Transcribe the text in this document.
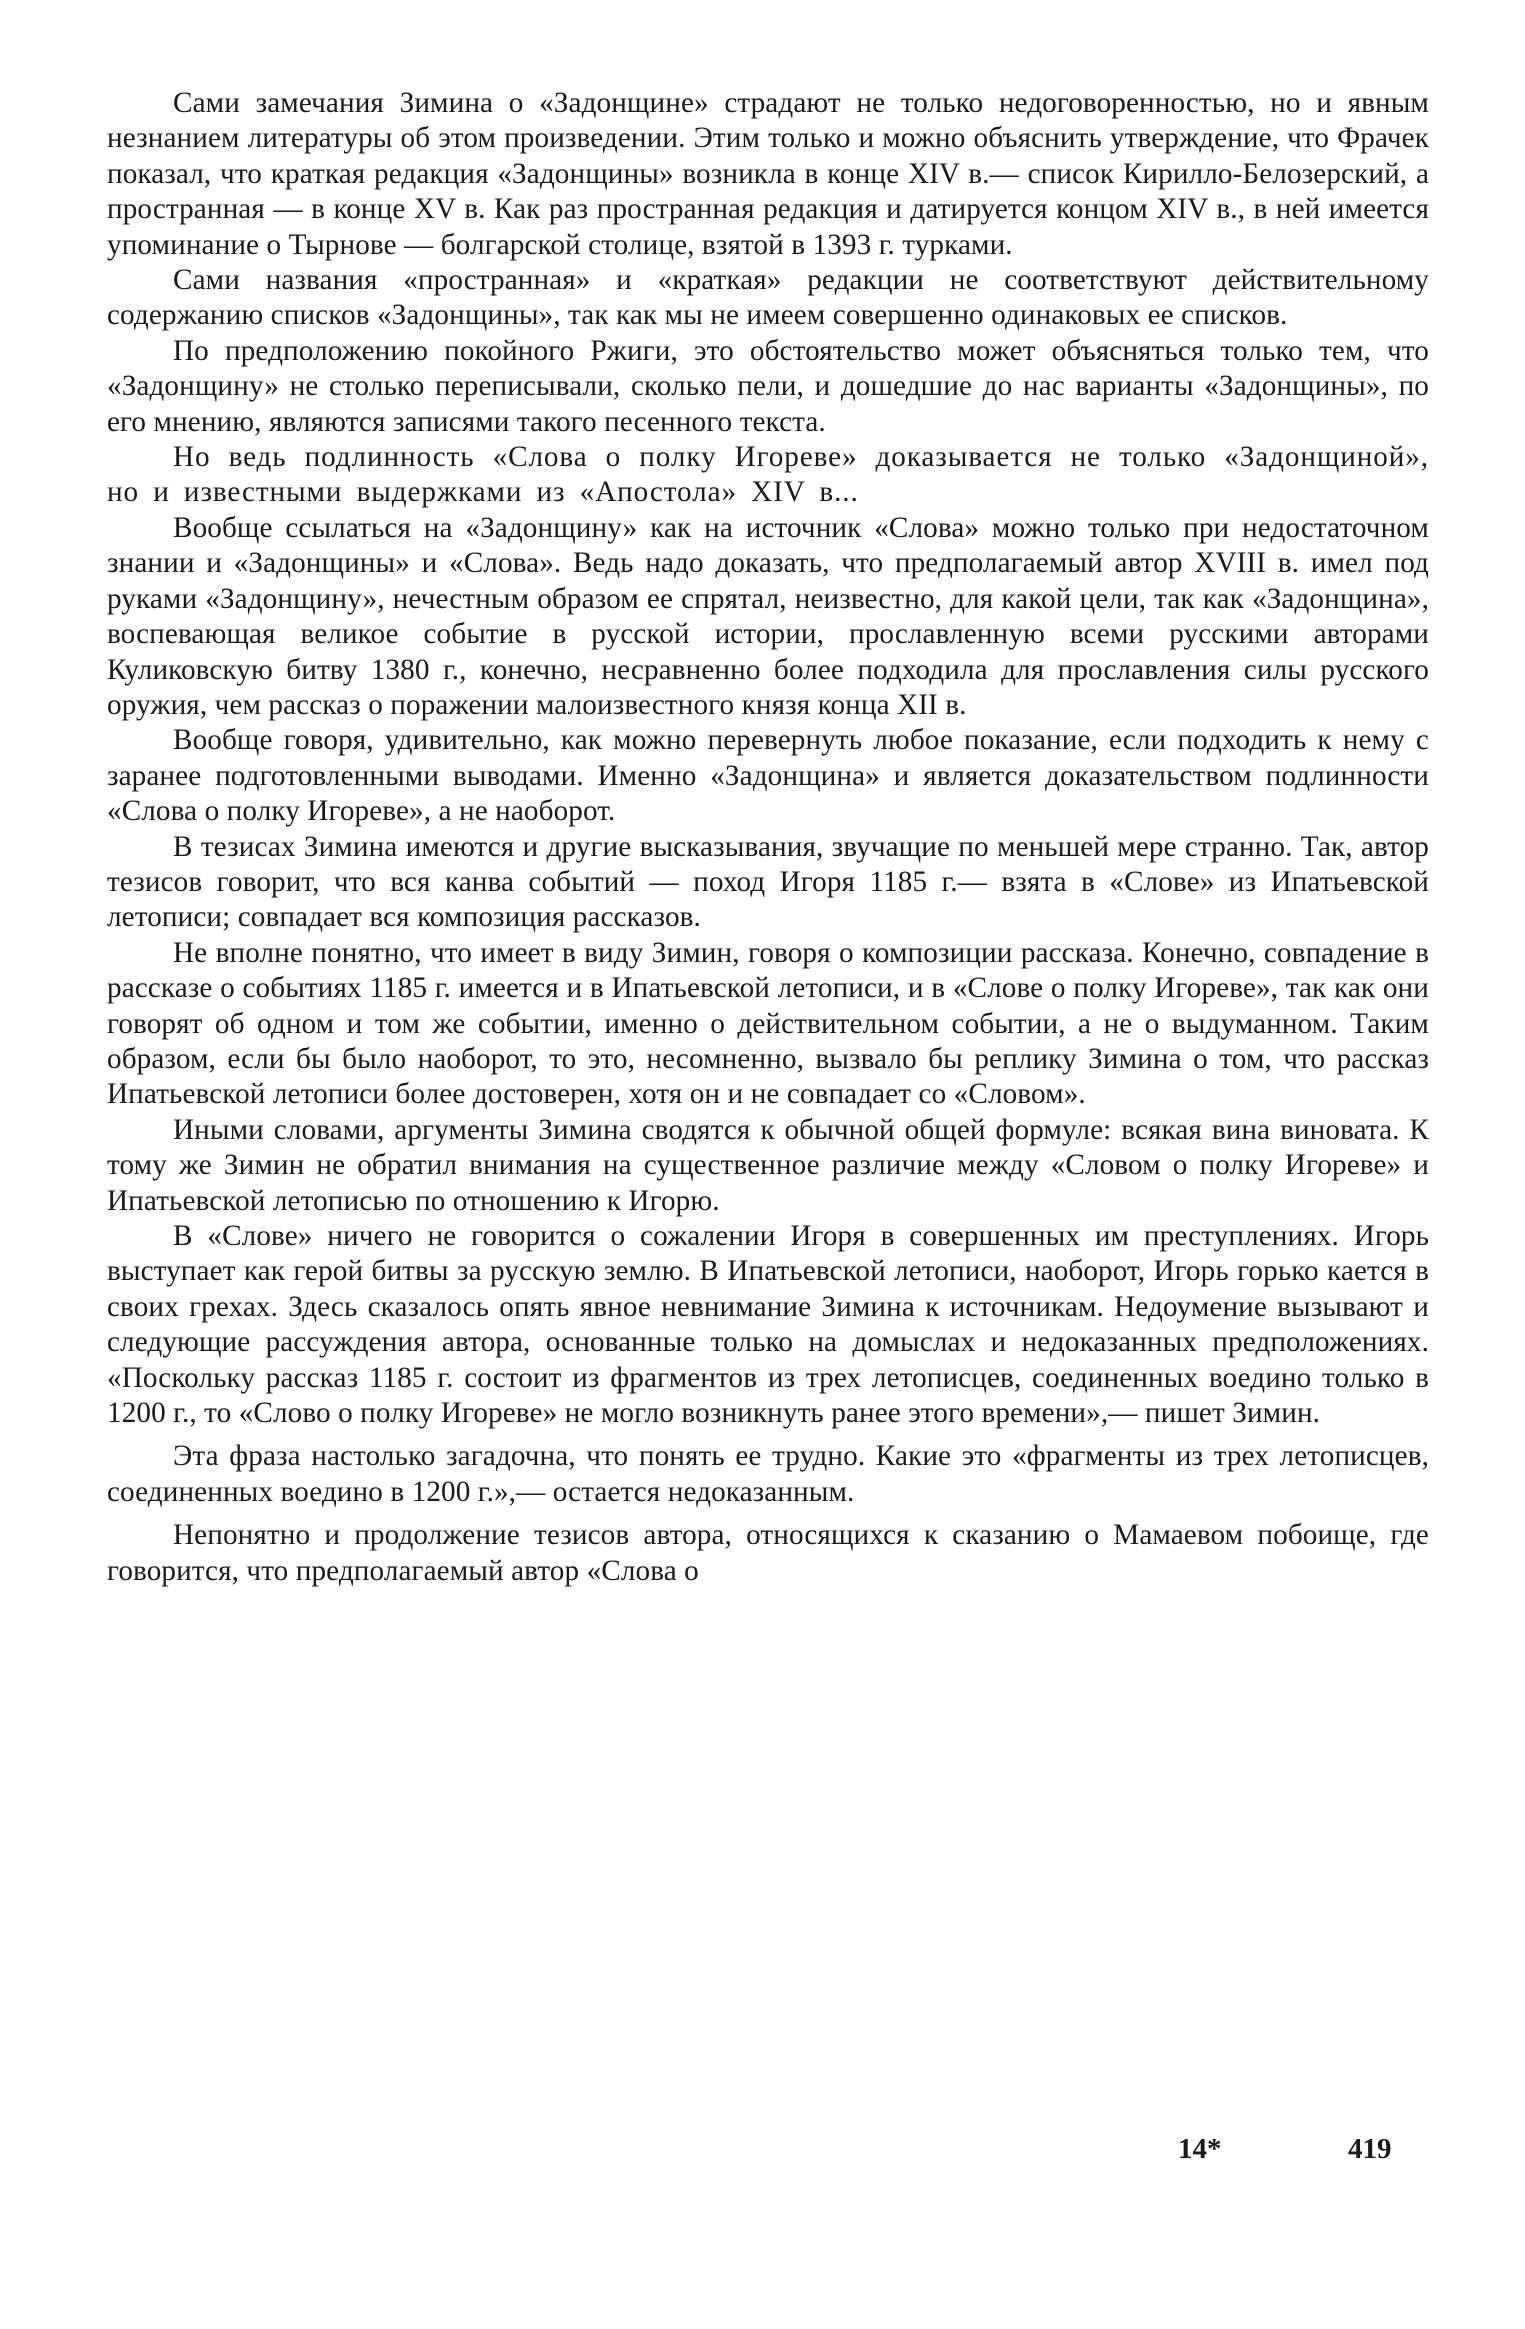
Сами замечания Зимина о «Задонщине» страдают не только недоговоренностью, но и явным незнанием литературы об этом произведении. Этим только и можно объяснить утверждение, что Фрачек показал, что краткая редакция «Задонщины» возникла в конце XIV в.— список Кирилло-Белозерский, а пространная — в конце XV в. Как раз пространная редакция и датируется концом XIV в., в ней имеется упоминание о Тырнове — болгарской столице, взятой в 1393 г. турками.

Сами названия «пространная» и «краткая» редакции не соответствуют действительному содержанию списков «Задонщины», так как мы не имеем совершенно одинаковых ее списков.

По предположению покойного Ржиги, это обстоятельство может объясняться только тем, что «Задонщину» не столько переписывали, сколько пели, и дошедшие до нас варианты «Задонщины», по его мнению, являются записями такого песенного текста.

Но ведь подлинность «Слова о полку Игореве» доказывается не только «Задонщиной», но и известными выдержками из «Апостола» XIV в...

Вообще ссылаться на «Задонщину» как на источник «Слова» можно только при недостаточном знании и «Задонщины» и «Слова». Ведь надо доказать, что предполагаемый автор XVIII в. имел под руками «Задонщину», нечестным образом ее спрятал, неизвестно, для какой цели, так как «Задонщина», воспевающая великое событие в русской истории, прославленную всеми русскими авторами Куликовскую битву 1380 г., конечно, несравненно более подходила для прославления силы русского оружия, чем рассказ о поражении малоизвестного князя конца XII в.

Вообще говоря, удивительно, как можно перевернуть любое показание, если подходить к нему с заранее подготовленными выводами. Именно «Задонщина» и является доказательством подлинности «Слова о полку Игореве», а не наоборот.

В тезисах Зимина имеются и другие высказывания, звучащие по меньшей мере странно. Так, автор тезисов говорит, что вся канва событий — поход Игоря 1185 г.— взята в «Слове» из Ипатьевской летописи; совпадает вся композиция рассказов.

Не вполне понятно, что имеет в виду Зимин, говоря о композиции рассказа. Конечно, совпадение в рассказе о событиях 1185 г. имеется и в Ипатьевской летописи, и в «Слове о полку Игореве», так как они говорят об одном и том же событии, именно о действительном событии, а не о выдуманном. Таким образом, если бы было наоборот, то это, несомненно, вызвало бы реплику Зимина о том, что рассказ Ипатьевской летописи более достоверен, хотя он и не совпадает со «Словом».

Иными словами, аргументы Зимина сводятся к обычной общей формуле: всякая вина виновата. К тому же Зимин не обратил внимания на существенное различие между «Словом о полку Игореве» и Ипатьевской летописью по отношению к Игорю.

В «Слове» ничего не говорится о сожалении Игоря в совершенных им преступлениях. Игорь выступает как герой битвы за русскую землю. В Ипатьевской летописи, наоборот, Игорь горько кается в своих грехах. Здесь сказалось опять явное невнимание Зимина к источникам. Недоумение вызывают и следующие рассуждения автора, основанные только на домыслах и недоказанных предположениях. «Поскольку рассказ 1185 г. состоит из фрагментов из трех летописцев, соединенных воедино только в 1200 г., то «Слово о полку Игореве» не могло возникнуть ранее этого времени»,— пишет Зимин.

Эта фраза настолько загадочна, что понять ее трудно. Какие это «фрагменты из трех летописцев, соединенных воедино в 1200 г.»,— остается недоказанным.

Непонятно и продолжение тезисов автора, относящихся к сказанию о Мамаевом побоище, где говорится, что предполагаемый автор «Слова о

14*	419
